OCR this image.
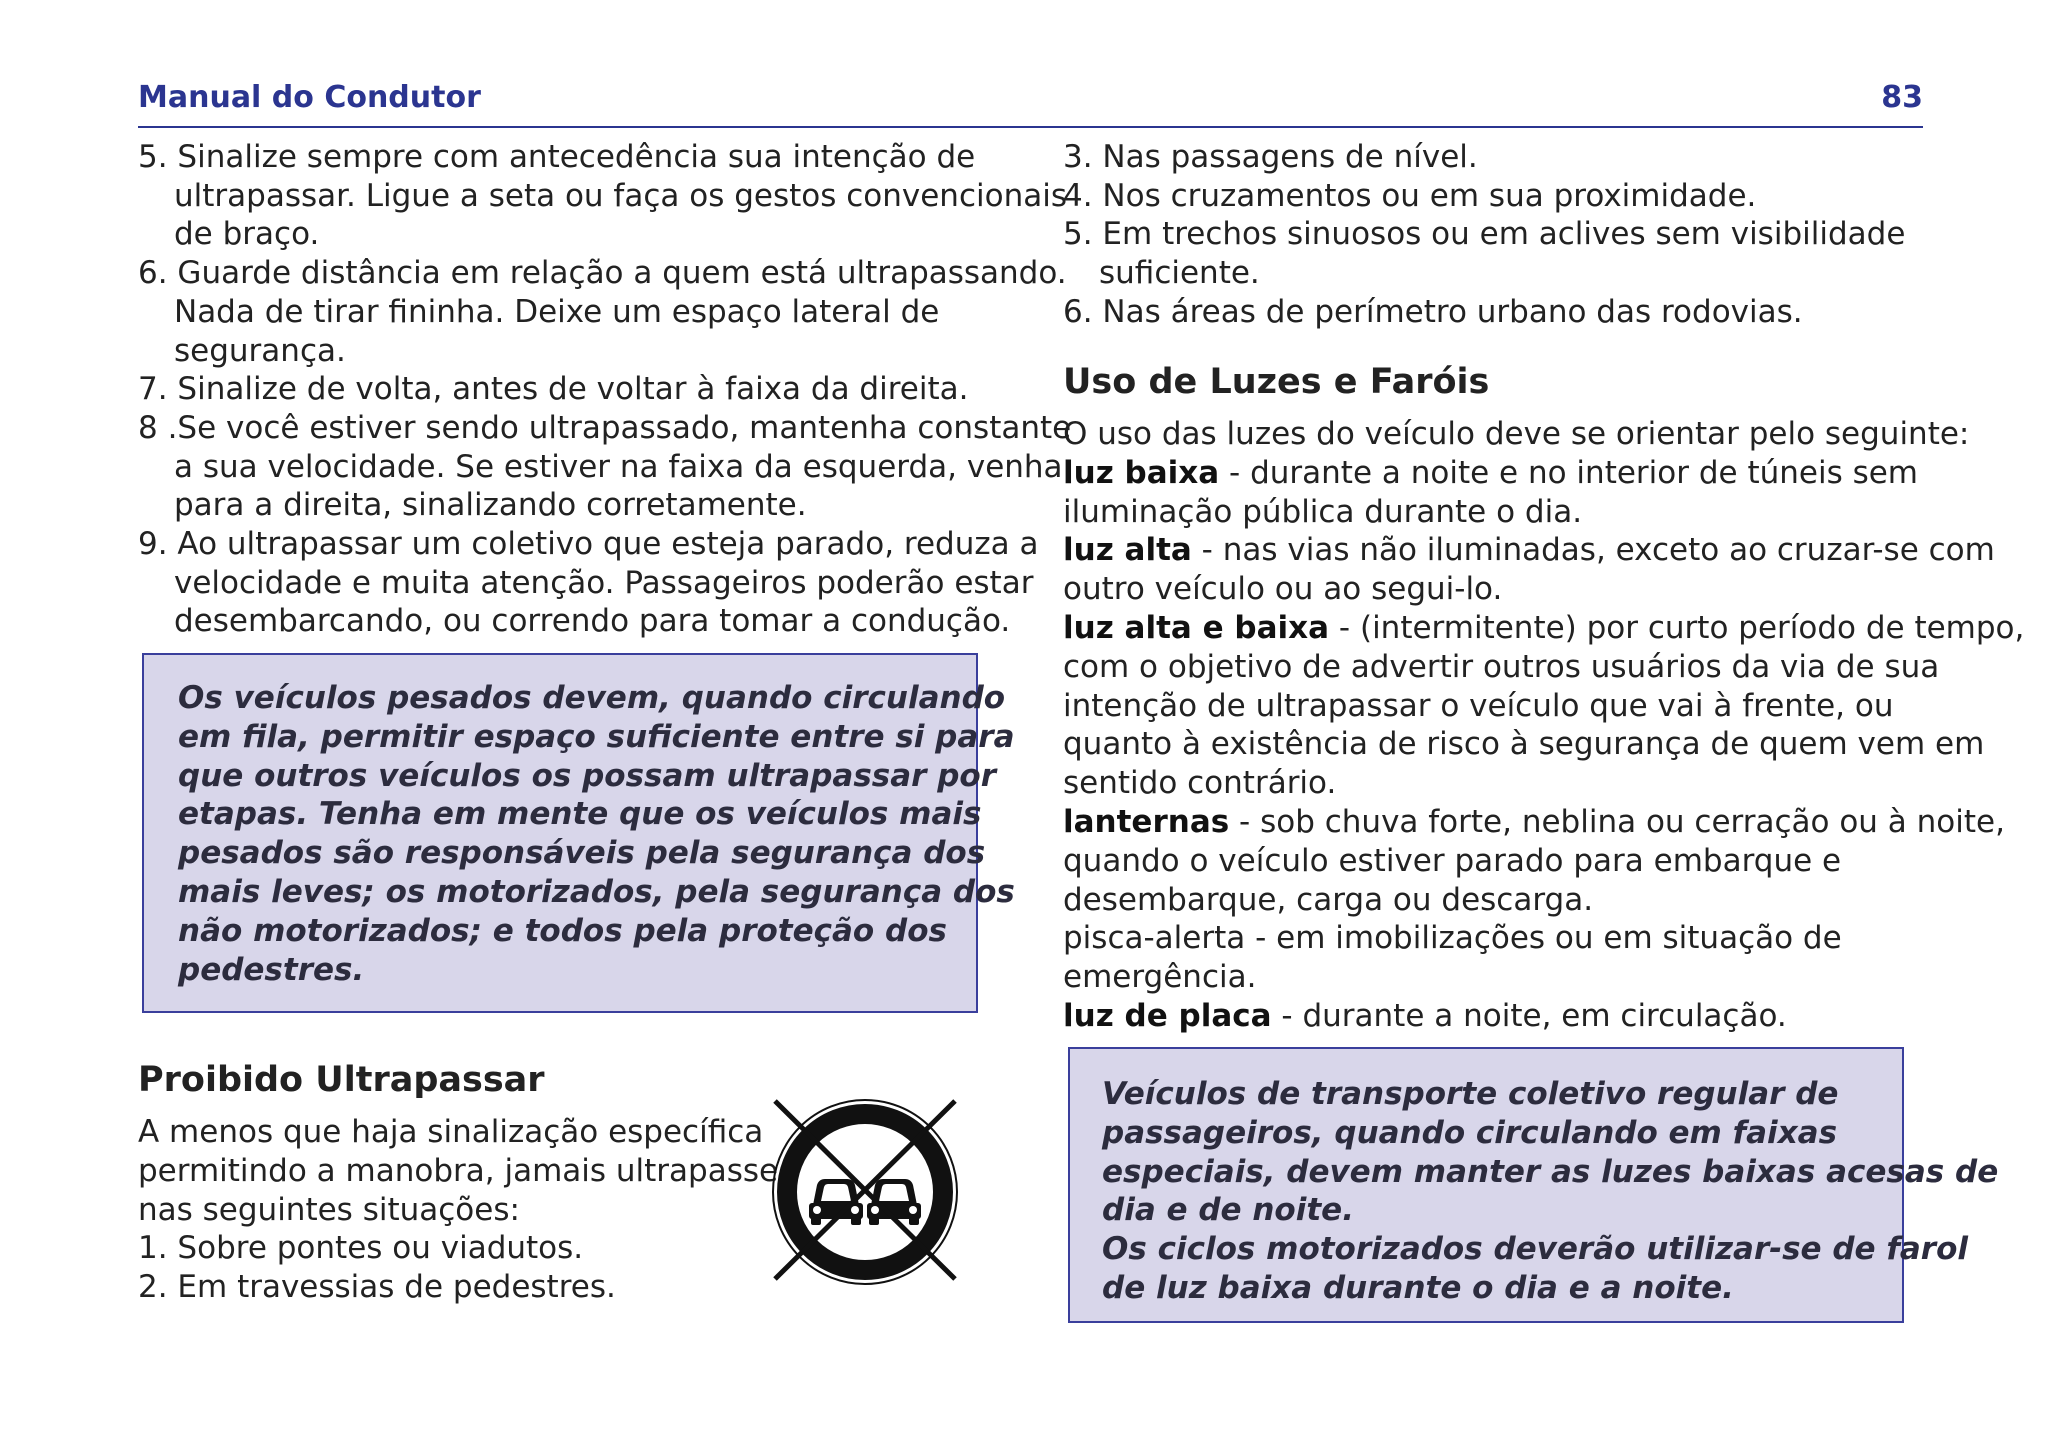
Manual do Condutor	83
5. Sinalize sempre com antecedência sua intenção de
ultrapassar. Ligue a seta ou faça os gestos convencionais
de braço.
6. Guarde distância em relação a quem está ultrapassando.
Nada de tirar fininha. Deixe um espaço lateral de
segurança.
7. Sinalize de volta, antes de voltar à faixa da direita.
8 .Se você estiver sendo ultrapassado, mantenha constante
a sua velocidade. Se estiver na faixa da esquerda, venha
para a direita, sinalizando corretamente.
9. Ao ultrapassar um coletivo que esteja parado, reduza a
velocidade e muita atenção. Passageiros poderão estar
desembarcando, ou correndo para tomar a condução.
Os veículos pesados devem, quando circulando
em fila, permitir espaço suficiente entre si para
que outros veículos os possam ultrapassar por
etapas. Tenha em mente que os veículos mais
pesados são responsáveis pela segurança dos
mais leves; os motorizados, pela segurança dos
não motorizados; e todos pela proteção dos
pedestres.
Proibido Ultrapassar
A menos que haja sinalização específica
permitindo a manobra, jamais ultrapasse
nas seguintes situações:
1. Sobre pontes ou viadutos.
2. Em travessias de pedestres.
3. Nas passagens de nível.
4. Nos cruzamentos ou em sua proximidade.
5. Em trechos sinuosos ou em aclives sem visibilidade
suficiente.
6. Nas áreas de perímetro urbano das rodovias.
Uso de Luzes e Faróis
O uso das luzes do veículo deve se orientar pelo seguinte:
luz baixa - durante a noite e no interior de túneis sem
iluminação pública durante o dia.
luz alta - nas vias não iluminadas, exceto ao cruzar-se com
outro veículo ou ao segui-lo.
luz alta e baixa - (intermitente) por curto período de tempo,
com o objetivo de advertir outros usuários da via de sua
intenção de ultrapassar o veículo que vai à frente, ou
quanto à existência de risco à segurança de quem vem em
sentido contrário.
lanternas - sob chuva forte, neblina ou cerração ou à noite,
quando o veículo estiver parado para embarque e
desembarque, carga ou descarga.
pisca-alerta - em imobilizações ou em situação de
emergência.
luz de placa - durante a noite, em circulação.
Veículos de transporte coletivo regular de
passageiros, quando circulando em faixas
especiais, devem manter as luzes baixas acesas de
dia e de noite.
Os ciclos motorizados deverão utilizar-se de farol
de luz baixa durante o dia e a noite.
